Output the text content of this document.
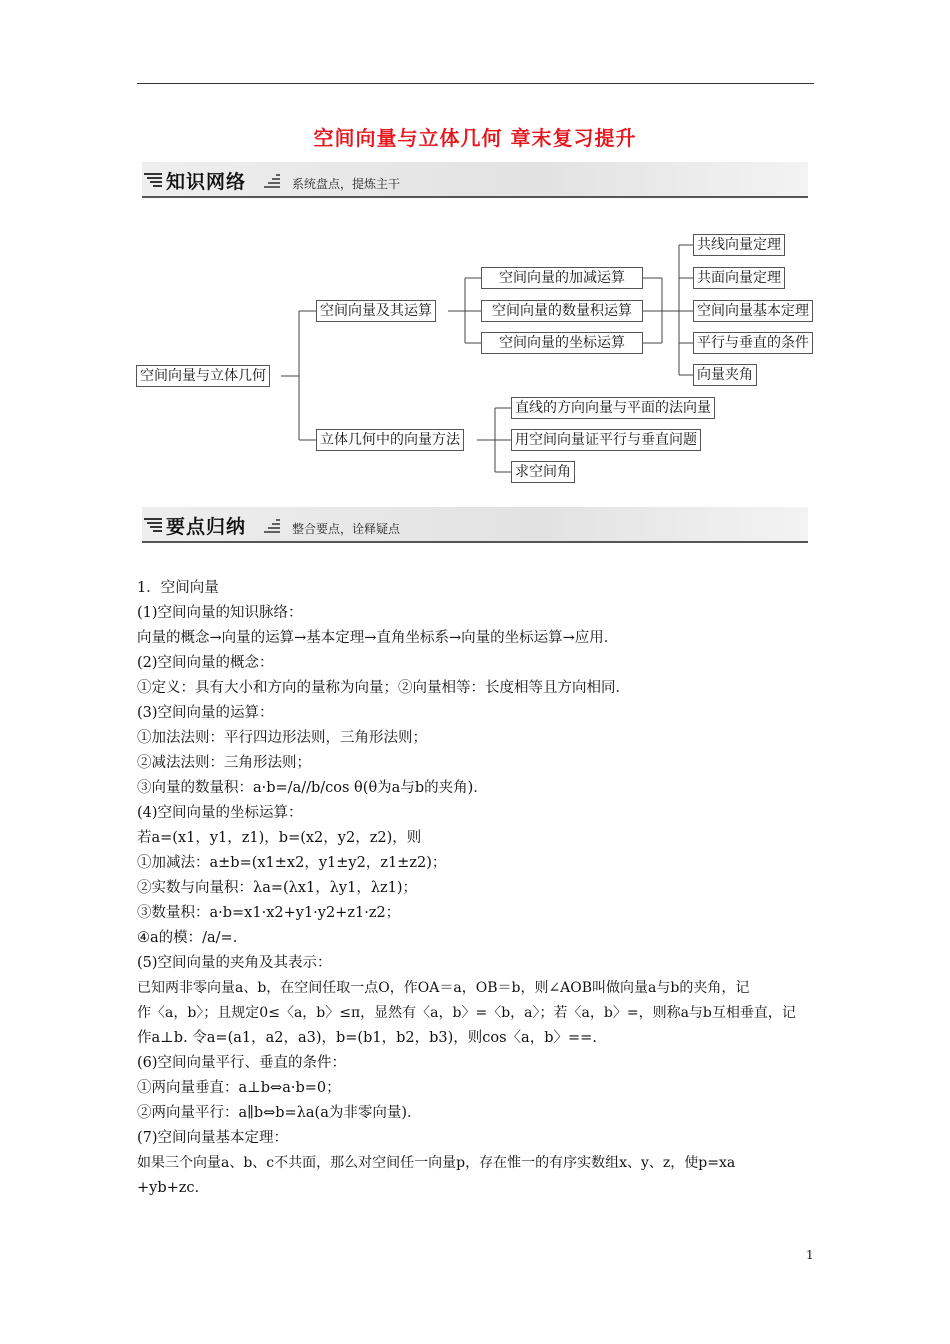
空间向量与立体几何 章末复习提升
知识网络	系统盘点，提炼主干
空间向量与立体几何
空间向量及其运算
立体几何中的向量方法
空间向量的加减运算
空间向量的数量积运算
空间向量的坐标运算
共线向量定理
共面向量定理
空间向量基本定理
平行与垂直的条件
向量夹角
直线的方向向量与平面的法向量
用空间向量证平行与垂直问题
求空间角
要点归纳	整合要点，诠释疑点
1．空间向量
(1)空间向量的知识脉络：
向量的概念→向量的运算→基本定理→直角坐标系→向量的坐标运算→应用．
(2)空间向量的概念：
①定义：具有大小和方向的量称为向量；②向量相等：长度相等且方向相同．
(3)空间向量的运算：
①加法法则：平行四边形法则，三角形法则；
②减法法则：三角形法则；
③向量的数量积：a·b=/a//b/cos θ(θ为a与b的夹角)．
(4)空间向量的坐标运算：
若a=(x1，y1，z1)，b=(x2，y2，z2)，则
①加减法：a±b=(x1±x2，y1±y2，z1±z2)；
②实数与向量积：λa=(λx1，λy1，λz1)；
③数量积：a·b=x1·x2+y1·y2+z1·z2；
④a的模：/a/=.
(5)空间向量的夹角及其表示：
已知两非零向量a、b，在空间任取一点O，作OA＝a，OB＝b，则∠AOB叫做向量a与b的夹角，记
作〈a，b〉；且规定0≤〈a，b〉≤π，显然有〈a，b〉=〈b，a〉；若〈a，b〉=，则称a与b互相垂直，记
作a⊥b. 令a=(a1，a2，a3)，b=(b1，b2，b3)，则cos〈a，b〉==.
(6)空间向量平行、垂直的条件：
①两向量垂直：a⊥b⇔a·b=0；
②两向量平行：a∥b⇔b=λa(a为非零向量)．
(7)空间向量基本定理：
如果三个向量a、b、c不共面，那么对空间任一向量p，存在惟一的有序实数组x、y、z，使p=xa
+yb+zc.
1
